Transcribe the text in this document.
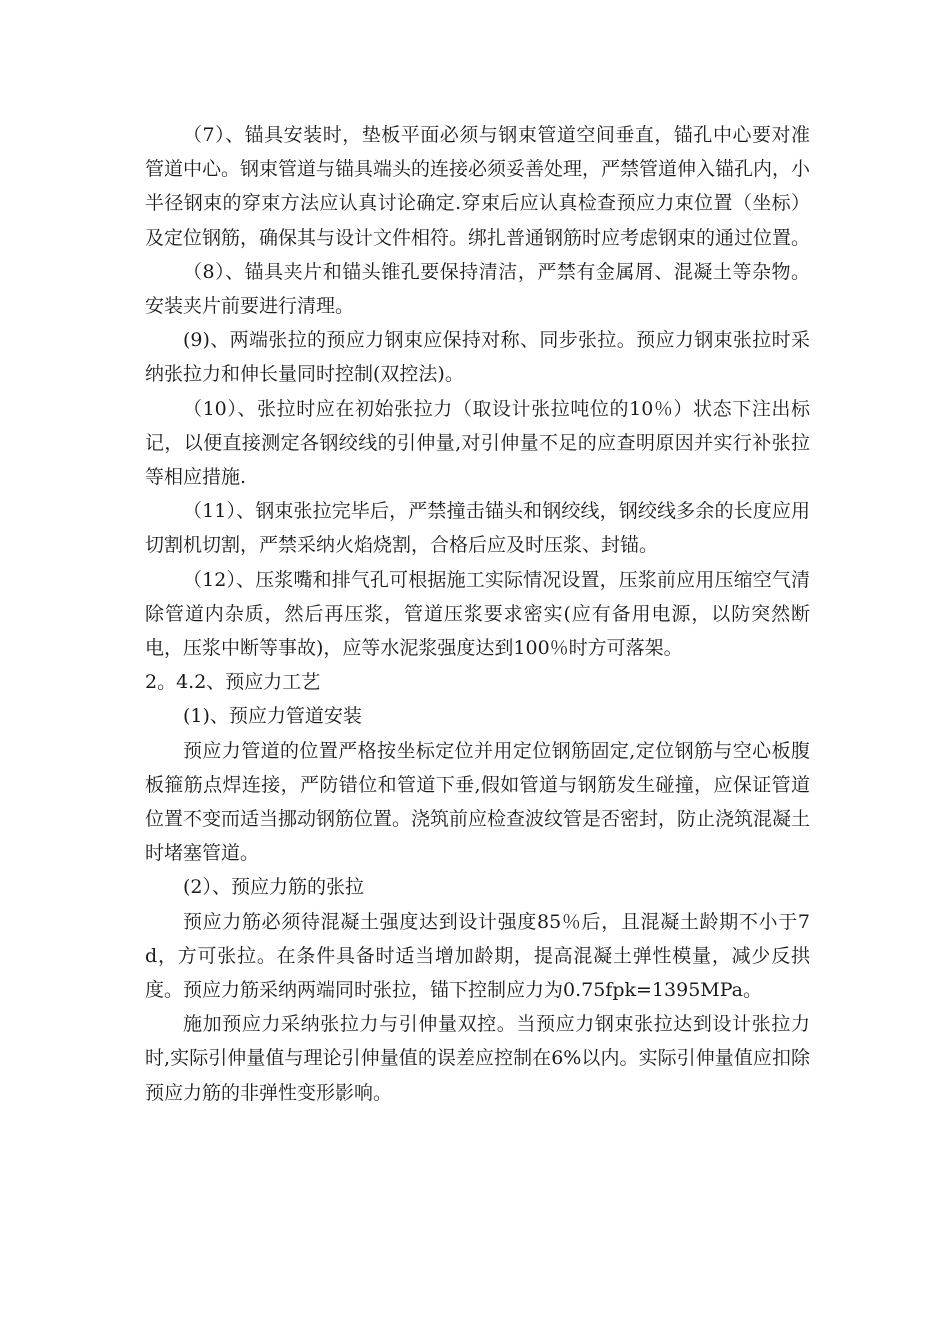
（7）、锚具安装时，垫板平面必须与钢束管道空间垂直，锚孔中心要对准管道中心。钢束管道与锚具端头的连接必须妥善处理，严禁管道伸入锚孔内，小半径钢束的穿束方法应认真讨论确定.穿束后应认真检查预应力束位置（坐标）及定位钢筋，确保其与设计文件相符。绑扎普通钢筋时应考虑钢束的通过位置。

（8）、锚具夹片和锚头锥孔要保持清洁，严禁有金属屑、混凝土等杂物。安装夹片前要进行清理。

(9)、两端张拉的预应力钢束应保持对称、同步张拉。预应力钢束张拉时采纳张拉力和伸长量同时控制(双控法)。

（10）、张拉时应在初始张拉力（取设计张拉吨位的10％）状态下注出标记，以便直接测定各钢绞线的引伸量,对引伸量不足的应查明原因并实行补张拉等相应措施.

（11）、钢束张拉完毕后，严禁撞击锚头和钢绞线，钢绞线多余的长度应用切割机切割，严禁采纳火焰烧割，合格后应及时压浆、封锚。

（12）、压浆嘴和排气孔可根据施工实际情况设置，压浆前应用压缩空气清除管道内杂质，然后再压浆，管道压浆要求密实(应有备用电源，以防突然断电，压浆中断等事故)，应等水泥浆强度达到100％时方可落架。

2。4.2、预应力工艺

(1)、预应力管道安装

预应力管道的位置严格按坐标定位并用定位钢筋固定,定位钢筋与空心板腹板箍筋点焊连接，严防错位和管道下垂,假如管道与钢筋发生碰撞，应保证管道位置不变而适当挪动钢筋位置。浇筑前应检查波纹管是否密封，防止浇筑混凝土时堵塞管道。

(2）、预应力筋的张拉

预应力筋必须待混凝土强度达到设计强度85％后，且混凝土龄期不小于7d，方可张拉。在条件具备时适当增加龄期，提高混凝土弹性模量，减少反拱度。预应力筋采纳两端同时张拉，锚下控制应力为0.75fpk=1395MPa。

施加预应力采纳张拉力与引伸量双控。当预应力钢束张拉达到设计张拉力时,实际引伸量值与理论引伸量值的误差应控制在6%以内。实际引伸量值应扣除预应力筋的非弹性变形影响。
